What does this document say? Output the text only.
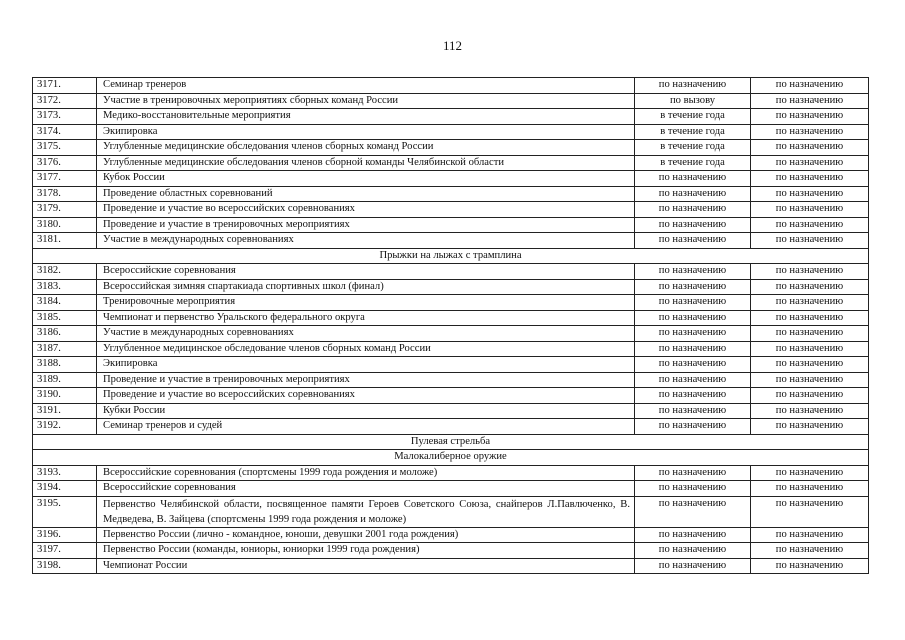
112
3171.	Семинар тренеров	по назначению	по назначению
3172.	Участие в тренировочных мероприятиях сборных команд России	по вызову	по назначению
3173.	Медико-восстановительные мероприятия	в течение года	по назначению
3174.	Экипировка	в течение года	по назначению
3175.	Углубленные медицинские обследования членов сборных команд России	в течение года	по назначению
3176.	Углубленные медицинские обследования членов сборной команды Челябинской области	в течение года	по назначению
3177.	Кубок России	по назначению	по назначению
3178.	Проведение областных соревнований	по назначению	по назначению
3179.	Проведение и участие во всероссийских соревнованиях	по назначению	по назначению
3180.	Проведение и участие в тренировочных мероприятиях	по назначению	по назначению
3181.	Участие в международных соревнованиях	по назначению	по назначению
Прыжки на лыжах с трамплина			
3182.	Всероссийские соревнования	по назначению	по назначению
3183.	Всероссийская зимняя спартакиада спортивных школ (финал)	по назначению	по назначению
3184.	Тренировочные мероприятия	по назначению	по назначению
3185.	Чемпионат и первенство Уральского федерального округа	по назначению	по назначению
3186.	Участие в международных соревнованиях	по назначению	по назначению
3187.	Углубленное медицинское обследование членов сборных команд России	по назначению	по назначению
3188.	Экипировка	по назначению	по назначению
3189.	Проведение и участие в тренировочных мероприятиях	по назначению	по назначению
3190.	Проведение и участие во всероссийских соревнованиях	по назначению	по назначению
3191.	Кубки России	по назначению	по назначению
3192.	Семинар тренеров и судей	по назначению	по назначению
Пулевая стрельба			
Малокалиберное оружие			
3193.	Всероссийские соревнования (спортсмены 1999 года рождения и моложе)	по назначению	по назначению
3194.	Всероссийские соревнования	по назначению	по назначению
3195.	Первенство Челябинской области, посвященное памяти Героев Советского Союза, снайперов Л.Павлюченко, В. Медведева, В. Зайцева (спортсмены 1999 года рождения и моложе)	по назначению	по назначению
3196.	Первенство России (лично - командное, юноши, девушки 2001 года рождения)	по назначению	по назначению
3197.	Первенство России (команды, юниоры, юниорки 1999 года рождения)	по назначению	по назначению
3198.	Чемпионат России	по назначению	по назначению
